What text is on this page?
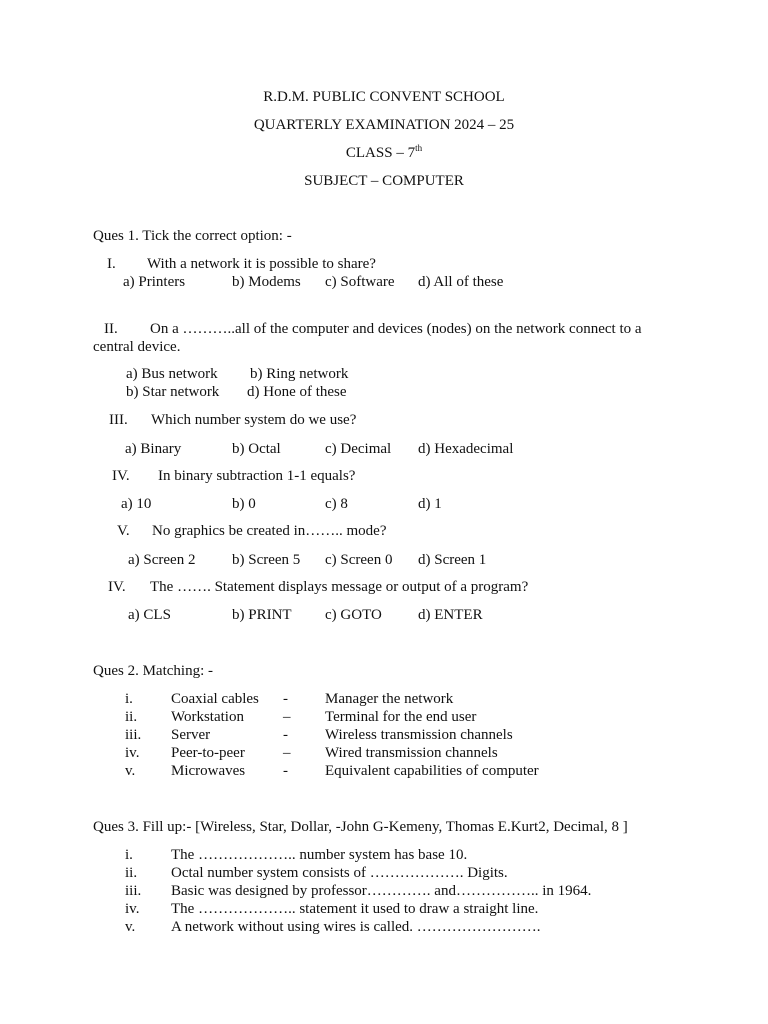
R.D.M. PUBLIC CONVENT SCHOOL
QUARTERLY EXAMINATION 2024 – 25
CLASS – 7th
SUBJECT – COMPUTER
Ques 1. Tick the correct option: -
I. With a network it is possible to share?
a) Printers	b) Modems c) Software d) All of these
II. On a ………..all of the computer and devices (nodes) on the network connect to a
central device.
a) Bus network b) Ring network
b) Star network d) Hone of these
III. Which number system do we use?
a) Binary	b) Octal	c) Decimal d) Hexadecimal
IV. In binary subtraction 1-1 equals?
a) 10	b) 0	c) 8	d) 1
V. No graphics be created in…….. mode?
a) Screen 2 b) Screen 5 c) Screen 0 d) Screen 1
IV. The ……. Statement displays message or output of a program?
a) CLS	b) PRINT c) GOTO d) ENTER
Ques 2. Matching: -
i.	Coaxial cables - Manager the network
ii. Workstation	– Terminal for the end user
iii. Server	- Wireless transmission channels
iv. Peer-to-peer	– Wired transmission channels
v. Microwaves	- Equivalent capabilities of computer
Ques 3. Fill up:- [Wireless, Star, Dollar, -John G-Kemeny, Thomas E.Kurt2, Decimal, 8 ]
i.	The ……………….. number system has base 10.
ii. Octal number system consists of ………………. Digits.
iii. Basic was designed by professor…………. and…………….. in 1964.
iv. The ……………….. statement it used to draw a straight line.
v. A network without using wires is called. …………………….
